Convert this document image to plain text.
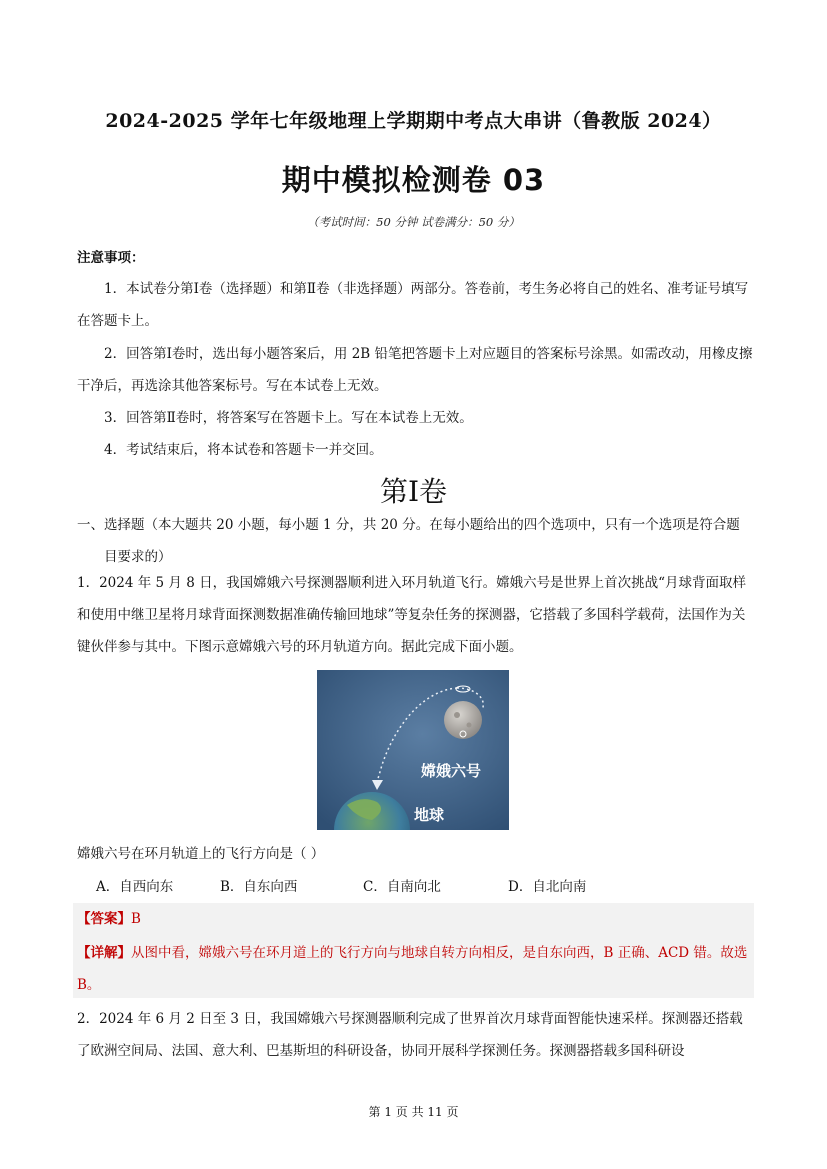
2024-2025 学年七年级地理上学期期中考点大串讲（鲁教版 2024）
期中模拟检测卷 03
（考试时间：50 分钟 试卷满分：50 分）
注意事项：
1．本试卷分第Ⅰ卷（选择题）和第Ⅱ卷（非选择题）两部分。答卷前，考生务必将自己的姓名、准考证号填写在答题卡上。
2．回答第Ⅰ卷时，选出每小题答案后，用 2B 铅笔把答题卡上对应题目的答案标号涂黑。如需改动，用橡皮擦干净后，再选涂其他答案标号。写在本试卷上无效。
3．回答第Ⅱ卷时，将答案写在答题卡上。写在本试卷上无效。
4．考试结束后，将本试卷和答题卡一并交回。
第Ⅰ卷
一、选择题（本大题共 20 小题，每小题 1 分，共 20 分。在每小题给出的四个选项中，只有一个选项是符合题目要求的）
1．2024 年 5 月 8 日，我国嫦娥六号探测器顺利进入环月轨道飞行。嫦娥六号是世界上首次挑战“月球背面取样和使用中继卫星将月球背面探测数据准确传输回地球”等复杂任务的探测器，它搭载了多国科学载荷，法国作为关键伙伴参与其中。下图示意嫦娥六号的环月轨道方向。据此完成下面小题。
嫦娥六号
地球
嫦娥六号在环月轨道上的飞行方向是（ ）
A．自西向东	B．自东向西	C．自南向北	D．自北向南
【答案】B
【详解】从图中看，嫦娥六号在环月道上的飞行方向与地球自转方向相反，是自东向西，B 正确、ACD 错。故选 B。
2．2024 年 6 月 2 日至 3 日，我国嫦娥六号探测器顺利完成了世界首次月球背面智能快速采样。探测器还搭载了欧洲空间局、法国、意大利、巴基斯坦的科研设备，协同开展科学探测任务。探测器搭载多国科研设
第 1 页 共 11 页
